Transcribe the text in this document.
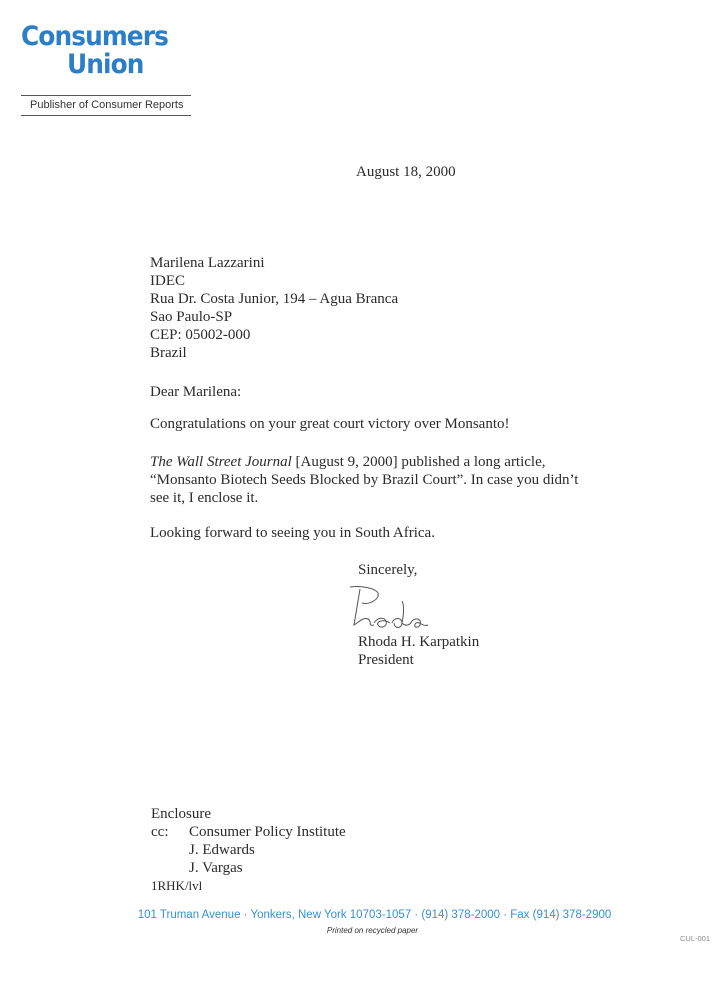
Consumers
Union
Publisher of Consumer Reports
August 18, 2000
Marilena Lazzarini
IDEC
Rua Dr. Costa Junior, 194 – Agua Branca
Sao Paulo-SP
CEP: 05002-000
Brazil
Dear Marilena:
Congratulations on your great court victory over Monsanto!
The Wall Street Journal [August 9, 2000] published a long article,
“Monsanto Biotech Seeds Blocked by Brazil Court”. In case you didn’t
see it, I enclose it.
Looking forward to seeing you in South Africa.
Sincerely,
Rhoda H. Karpatkin
President
Enclosure
cc: Consumer Policy Institute
J. Edwards
J. Vargas
1RHK/lvl
101 Truman Avenue · Yonkers, New York 10703-1057 · (914) 378-2000 · Fax (914) 378-2900
Printed on recycled paper
CUL-001
